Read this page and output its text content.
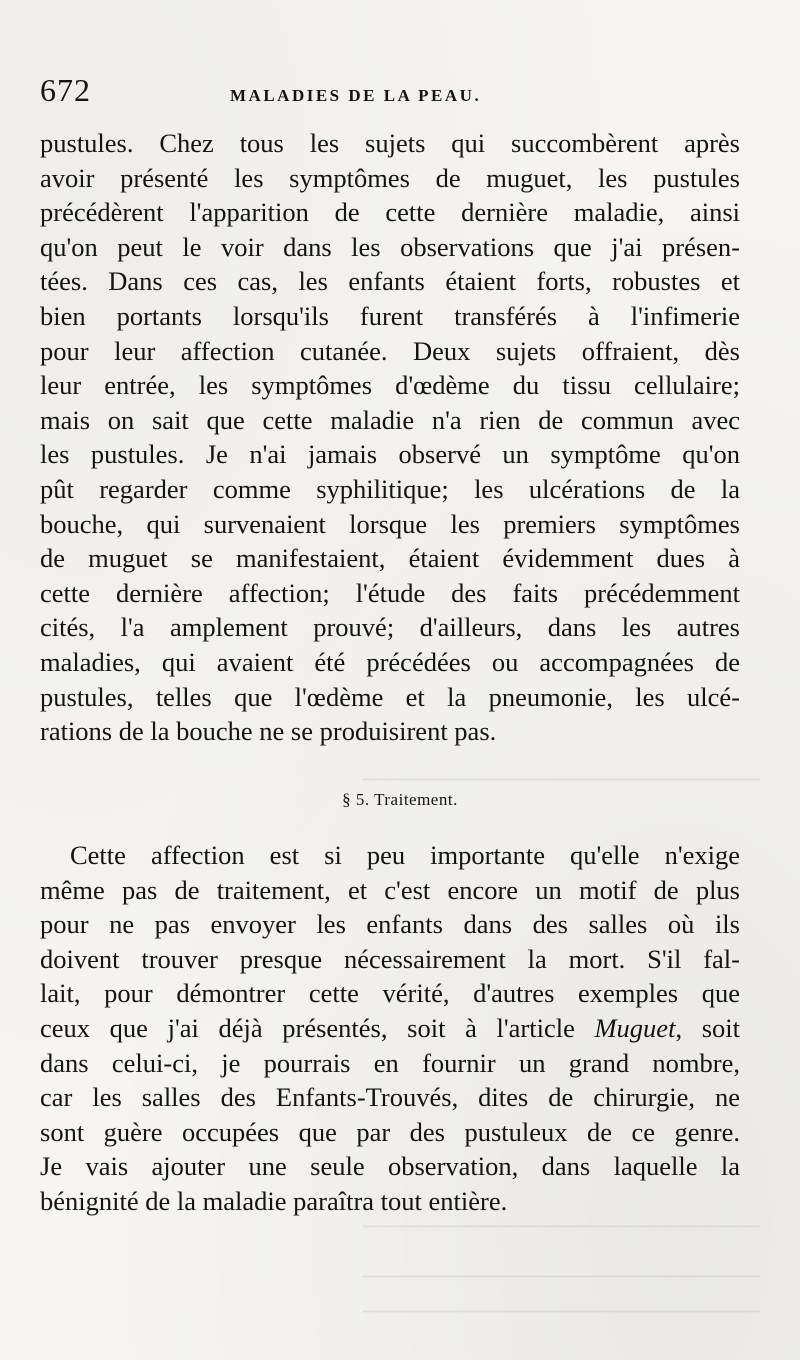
──────────────────────────────
──────────────────────────────
──────────────────────────────
──────────────────────────────
672	MALADIES DE LA PEAU.
pustules. Chez tous les sujets qui succombèrent après
avoir présenté les symptômes de muguet, les pustules
précédèrent l'apparition de cette dernière maladie, ainsi
qu'on peut le voir dans les observations que j'ai présen-
tées. Dans ces cas, les enfants étaient forts, robustes et
bien portants lorsqu'ils furent transférés à l'infimerie
pour leur affection cutanée. Deux sujets offraient, dès
leur entrée, les symptômes d'œdème du tissu cellulaire;
mais on sait que cette maladie n'a rien de commun avec
les pustules. Je n'ai jamais observé un symptôme qu'on
pût regarder comme syphilitique; les ulcérations de la
bouche, qui survenaient lorsque les premiers symptômes
de muguet se manifestaient, étaient évidemment dues à
cette dernière affection; l'étude des faits précédemment
cités, l'a amplement prouvé; d'ailleurs, dans les autres
maladies, qui avaient été précédées ou accompagnées de
pustules, telles que l'œdème et la pneumonie, les ulcé-
rations de la bouche ne se produisirent pas.
§ 5. Traitement.
Cette affection est si peu importante qu'elle n'exige
même pas de traitement, et c'est encore un motif de plus
pour ne pas envoyer les enfants dans des salles où ils
doivent trouver presque nécessairement la mort. S'il fal-
lait, pour démontrer cette vérité, d'autres exemples que
ceux que j'ai déjà présentés, soit à l'article Muguet, soit
dans celui-ci, je pourrais en fournir un grand nombre,
car les salles des Enfants-Trouvés, dites de chirurgie, ne
sont guère occupées que par des pustuleux de ce genre.
Je vais ajouter une seule observation, dans laquelle la
bénignité de la maladie paraîtra tout entière.
